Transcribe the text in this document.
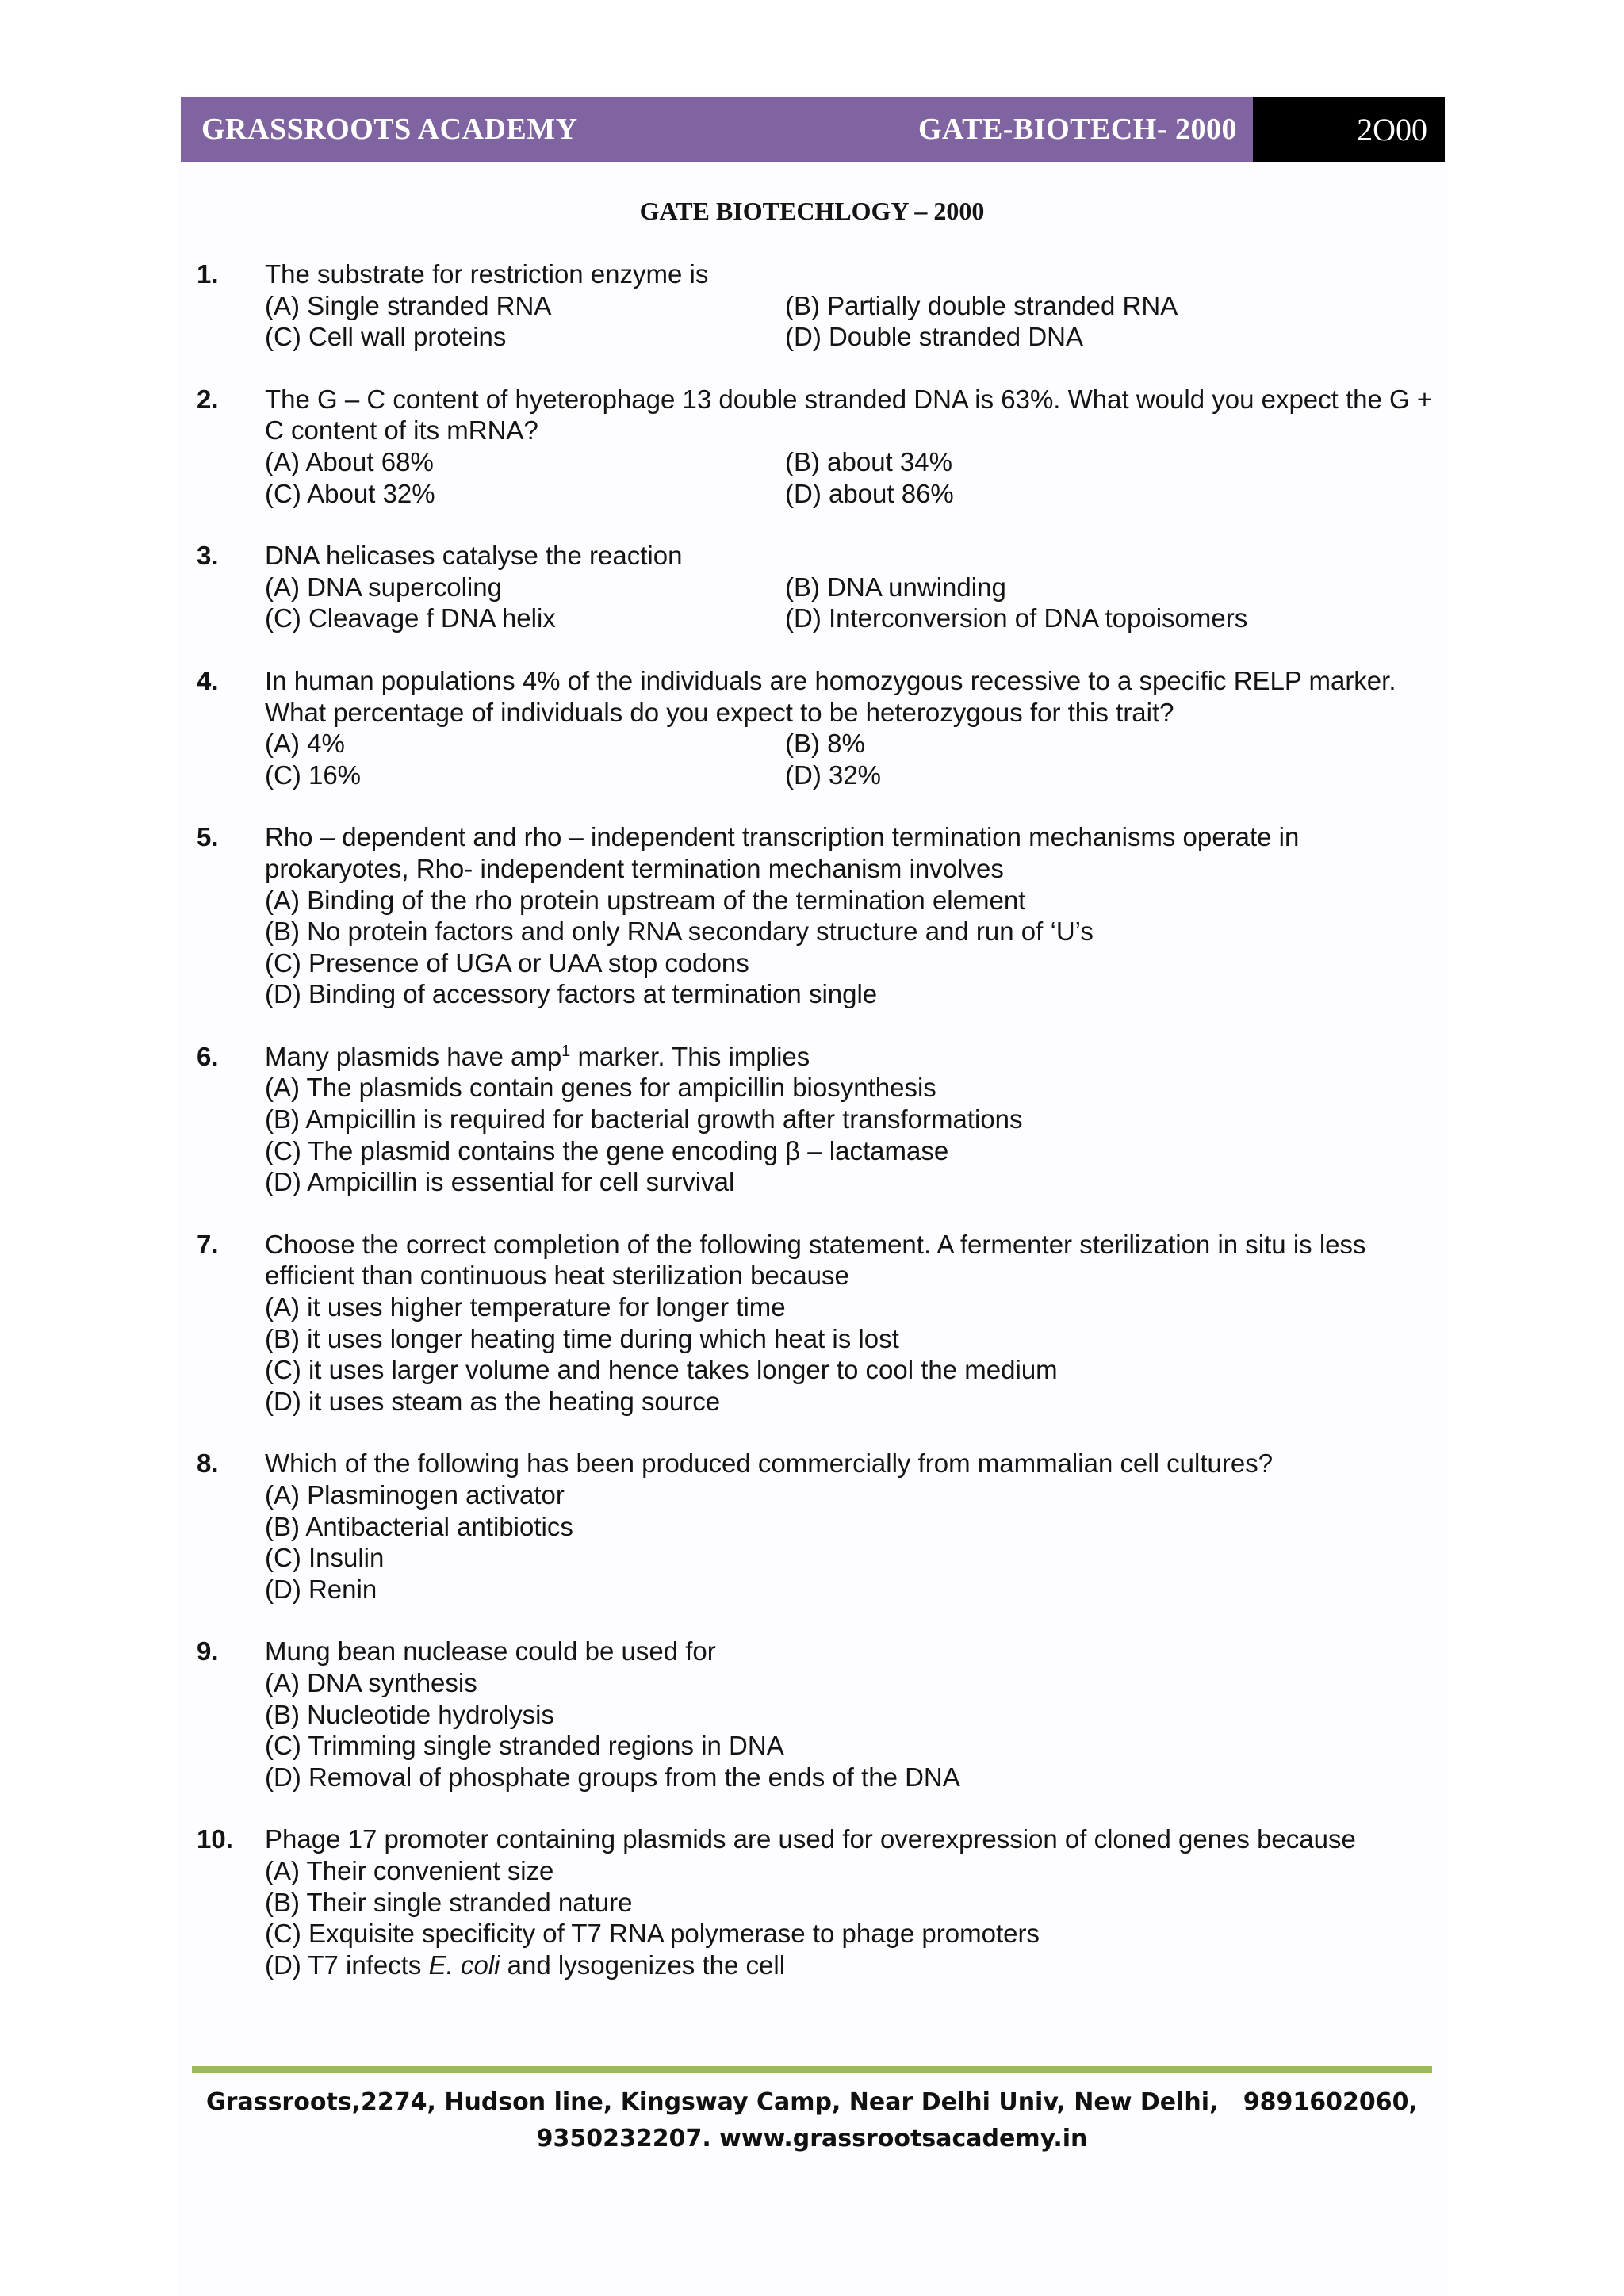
GRASSROOTS ACADEMY	GATE-BIOTECH- 2000	2O00
GATE BIOTECHLOGY – 2000
1. The substrate for restriction enzyme is
(A) Single stranded RNA	(B) Partially double stranded RNA
(C) Cell wall proteins	(D) Double stranded DNA
2. The G – C content of hyeterophage 13 double stranded DNA is 63%. What would you expect the G + C content of its mRNA?
(A) About 68%	(B) about 34%
(C) About 32%	(D) about 86%
3. DNA helicases catalyse the reaction
(A) DNA supercoling	(B) DNA unwinding
(C) Cleavage f DNA helix	(D) Interconversion of DNA topoisomers
4. In human populations 4% of the individuals are homozygous recessive to a specific RELP marker. What percentage of individuals do you expect to be heterozygous for this trait?
(A) 4%	(B) 8%
(C) 16%	(D) 32%
5. Rho – dependent and rho – independent transcription termination mechanisms operate in prokaryotes, Rho- independent termination mechanism involves
(A) Binding of the rho protein upstream of the termination element
(B) No protein factors and only RNA secondary structure and run of ‘U’s
(C) Presence of UGA or UAA stop codons
(D) Binding of accessory factors at termination single
6. Many plasmids have amp$^1$ marker. This implies
(A) The plasmids contain genes for ampicillin biosynthesis
(B) Ampicillin is required for bacterial growth after transformations
(C) The plasmid contains the gene encoding β – lactamase
(D) Ampicillin is essential for cell survival
7. Choose the correct completion of the following statement. A fermenter sterilization in situ is less efficient than continuous heat sterilization because
(A) it uses higher temperature for longer time
(B) it uses longer heating time during which heat is lost
(C) it uses larger volume and hence takes longer to cool the medium
(D) it uses steam as the heating source
8. Which of the following has been produced commercially from mammalian cell cultures?
(A) Plasminogen activator
(B) Antibacterial antibiotics
(C) Insulin
(D) Renin
9. Mung bean nuclease could be used for
(A) DNA synthesis
(B) Nucleotide hydrolysis
(C) Trimming single stranded regions in DNA
(D) Removal of phosphate groups from the ends of the DNA
10. Phage 17 promoter containing plasmids are used for overexpression of cloned genes because
(A) Their convenient size
(B) Their single stranded nature
(C) Exquisite specificity of T7 RNA polymerase to phage promoters
(D) T7 infects E. coli and lysogenizes the cell
Grassroots,2274, Hudson line, Kingsway Camp, Near Delhi Univ, New Delhi,   9891602060,
9350232207. www.grassrootsacademy.in
